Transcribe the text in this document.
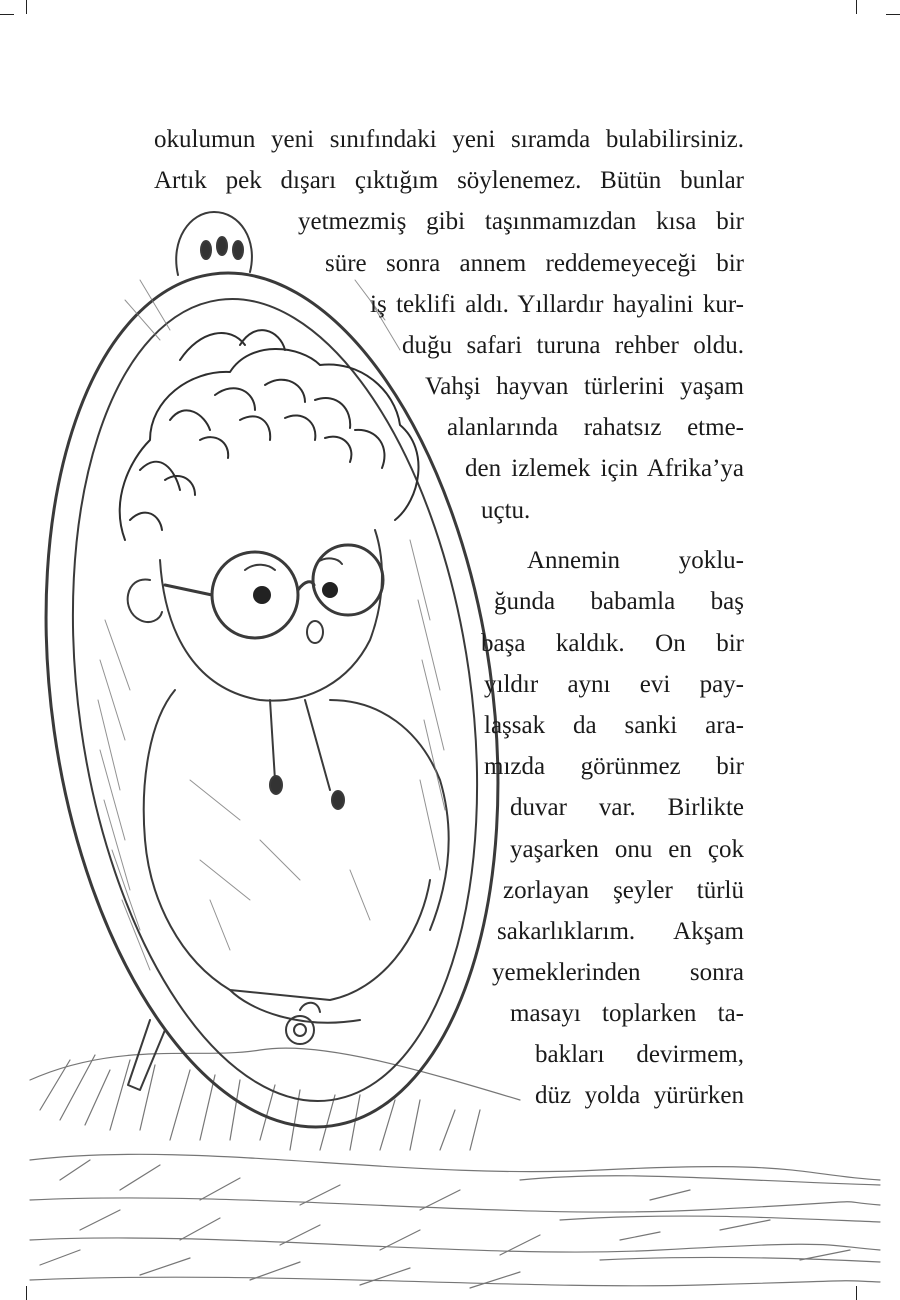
okulumun yeni sınıfındaki yeni sıramda bulabilirsiniz.
Artık pek dışarı çıktığım söylenemez. Bütün bunlar
yetmezmiş gibi taşınmamızdan kısa bir
süre sonra annem reddemeyeceği bir
iş teklifi aldı. Yıllardır hayalini kur-
duğu safari turuna rehber oldu.
Vahşi hayvan türlerini yaşam
alanlarında rahatsız etme-
den izlemek için Afrika’ya
uçtu.
Annemin yoklu-
ğunda babamla baş
başa kaldık. On bir
yıldır aynı evi pay-
laşsak da sanki ara-
mızda görünmez bir
duvar var. Birlikte
yaşarken onu en çok
zorlayan şeyler türlü
sakarlıklarım. Akşam
yemeklerinden sonra
masayı toplarken ta-
bakları devirmem,
düz yolda yürürken
